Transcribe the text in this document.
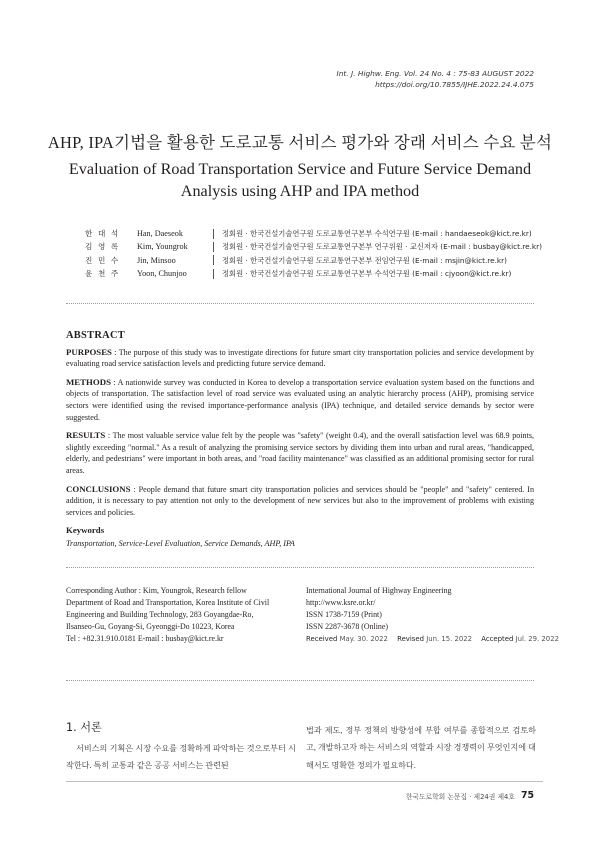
Int. J. Highw. Eng. Vol. 24 No. 4 : 75-83 AUGUST 2022
https://doi.org/10.7855/IJHE.2022.24.4.075
AHP, IPA기법을 활용한 도로교통 서비스 평가와 장래 서비스 수요 분석
Evaluation of Road Transportation Service and Future Service Demand Analysis using AHP and IPA method
한 대 석	Han, Daeseok	정회원 · 한국건설기술연구원 도로교통연구본부 수석연구원 (E-mail : handaeseok@kict.re.kr)
김 영 록	Kim, Youngrok	정회원 · 한국건설기술연구원 도로교통연구본부 연구위원 · 교신저자 (E-mail : busbay@kict.re.kr)
진 민 수	Jin, Minsoo	정회원 · 한국건설기술연구원 도로교통연구본부 전임연구원 (E-mail : msjin@kict.re.kr)
윤 천 주	Yoon, Chunjoo	정회원 · 한국건설기술연구원 도로교통연구본부 수석연구원 (E-mail : cjyoon@kict.re.kr)
ABSTRACT

PURPOSES : The purpose of this study was to investigate directions for future smart city transportation policies and service development by evaluating road service satisfaction levels and predicting future service demand.

METHODS : A nationwide survey was conducted in Korea to develop a transportation service evaluation system based on the functions and objects of transportation. The satisfaction level of road service was evaluated using an analytic hierarchy process (AHP), promising service sectors were identified using the revised importance-performance analysis (IPA) technique, and detailed service demands by sector were suggested.

RESULTS : The most valuable service value felt by the people was "safety" (weight 0.4), and the overall satisfaction level was 68.9 points, slightly exceeding "normal." As a result of analyzing the promising service sectors by dividing them into urban and rural areas, "handicapped, elderly, and pedestrians" were important in both areas, and "road facility maintenance" was classified as an additional promising sector for rural areas.

CONCLUSIONS : People demand that future smart city transportation policies and services should be "people" and "safety" centered. In addition, it is necessary to pay attention not only to the development of new services but also to the improvement of problems with existing services and policies.

Keywords

Transportation, Service-Level Evaluation, Service Demands, AHP, IPA

Corresponding Author : Kim, Youngrok, Research fellow
Department of Road and Transportation, Korea Institute of Civil
Engineering and Building Technology, 283 Goyangdae-Ro,
Ilsanseo-Gu, Goyang-Si, Gyeonggi-Do 10223, Korea
Tel : +82.31.910.0181 E-mail : busbay@kict.re.kr
International Journal of Highway Engineering
http://www.ksre.or.kr/
ISSN 1738-7159 (Print)
ISSN 2287-3678 (Online)
Received May. 30. 2022 Revised Jun. 15. 2022 Accepted Jul. 29. 2022
1. 서론
서비스의 기획은 시장 수요를 정확하게 파악하는 것으로부터 시작한다. 특히 교통과 같은 공공 서비스는 관련된
법과 제도, 정부 정책의 방향성에 부합 여부를 종합적으로 검토하고, 개발하고자 하는 서비스의 역할과 시장 경쟁력이 무엇인지에 대해서도 명확한 정의가 필요하다.
한국도로학회 논문집 · 제24권 제4호 75
